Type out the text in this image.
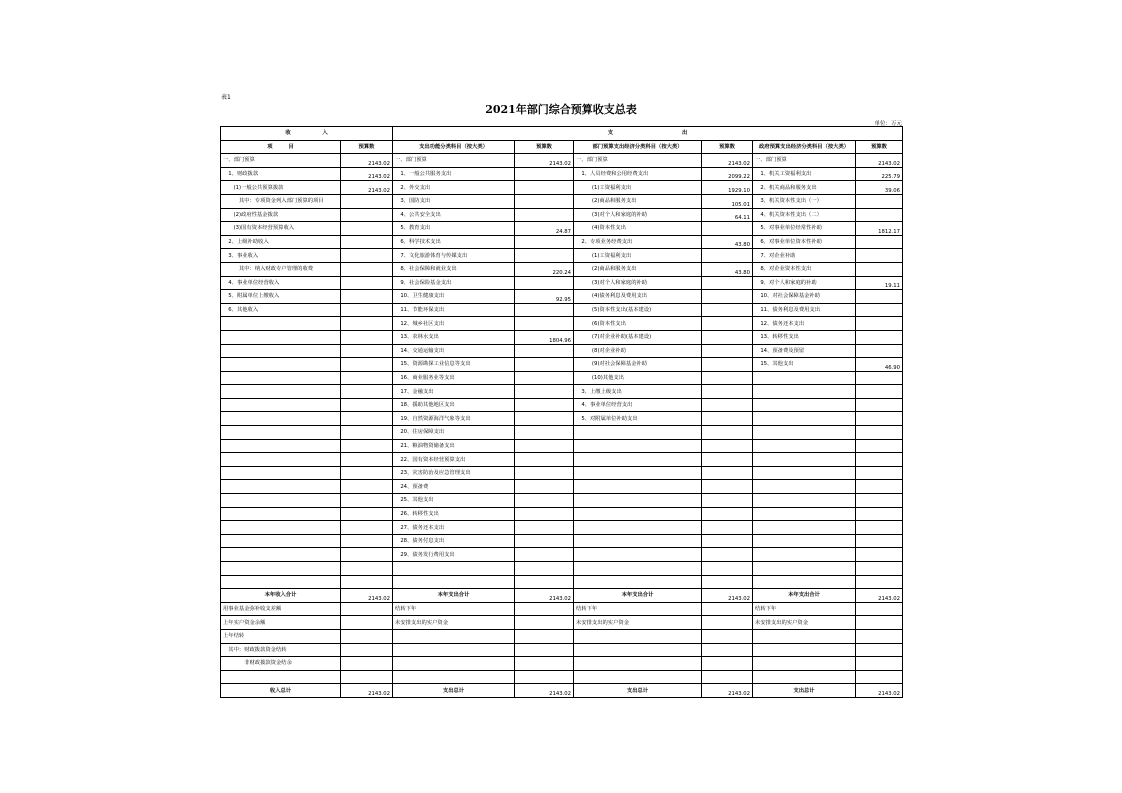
表1
2021年部门综合预算收支总表
单位：万元
收　　　　　　入		支　　　　　　　　　　　　　出					
项　　　目	预算数	支出功能分类科目（按大类）	预算数	部门预算支出经济分类科目（按大类）	预算数	政府预算支出经济分类科目（按大类）	预算数
一、部门预算	2143.02	一、部门预算	2143.02	一、部门预算	2143.02	一、部门预算	2143.02
　1、财政拨款	2143.02	　1、一般公共服务支出		　1、人员经费和公用经费支出	2099.22	　1、机关工资福利支出	225.79
　　(1)一般公共预算拨款	2143.02	　2、外交支出		　　　(1)工资福利支出	1929.10	　2、机关商品和服务支出	39.06
　　　其中：专项资金列入部门预算的项目		　3、国防支出		　　　(2)商品和服务支出	105.01	　3、机关资本性支出（一）	
　　(2)政府性基金拨款		　4、公共安全支出		　　　(3)对个人和家庭的补助	64.11	　4、机关资本性支出（二）	
　　(3)国有资本经营预算收入		　5、教育支出	24.87	　　　(4)资本性支出		　5、对事业单位经常性补助	1812.17
　2、上级补助收入		　6、科学技术支出		　2、专项业务经费支出	43.80	　6、对事业单位资本性补助	
　3、事业收入		　7、文化旅游体育与传媒支出		　　　(1)工资福利支出		　7、对企业补助	
　　　其中：纳入财政专户管理的收费		　8、社会保障和就业支出	220.24	　　　(2)商品和服务支出	43.80	　8、对企业资本性支出	
　4、事业单位经营收入		　9、社会保险基金支出		　　　(3)对个人和家庭的补助		　9、对个人和家庭的补助	19.11
　5、附属单位上缴收入		　10、卫生健康支出	92.95	　　　(4)债务利息及费用支出		　10、对社会保障基金补助	
　6、其他收入		　11、节能环保支出		　　　(5)资本性支出(基本建设)		　11、债务利息及费用支出	
		　12、城乡社区支出		　　　(6)资本性支出		　12、债务还本支出	
		　13、农林水支出	1804.96	　　　(7)对企业补助(基本建设)		　13、转移性支出	
		　14、交通运输支出		　　　(8)对企业补助		　14、预备费及预留	
		　15、资源勘探工业信息等支出		　　　(9)对社会保障基金补助		　15、其他支出	46.90
		　16、商业服务业等支出		　　　(10)其他支出			
		　17、金融支出		　3、上缴上级支出			
		　18、援助其他地区支出		　4、事业单位经营支出			
		　19、自然资源海洋气象等支出		　5、对附属单位补助支出			
		　20、住房保障支出					
		　21、粮油物资储备支出					
		　22、国有资本经营预算支出					
		　23、灾害防治及应急管理支出					
		　24、预备费					
		　25、其他支出					
		　26、转移性支出					
		　27、债务还本支出					
		　28、债务付息支出					
		　29、债务发行费用支出					

本年收入合计	2143.02	本年支出合计	2143.02	本年支出合计	2143.02	本年支出合计	2143.02
用事业基金弥补收支差额		结转下年		结转下年		结转下年	
上年实户资金余额		未安排支出的实户资金		未安排支出的实户资金		未安排支出的实户资金	
上年结转							
　其中：财政拨款资金结转							
　　　　非财政拨款资金结余							

收入总计	2143.02	支出总计	2143.02	支出总计	2143.02	支出总计	2143.02
